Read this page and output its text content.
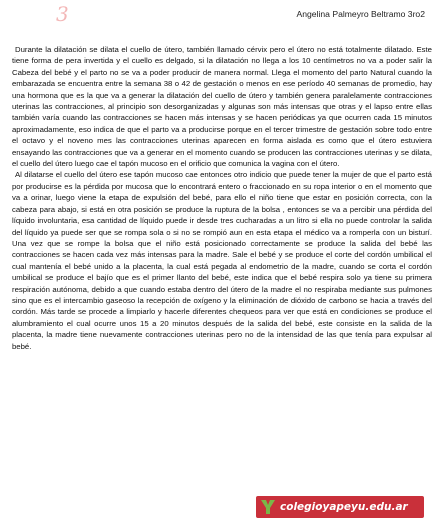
3	Angelina Palmeyro Beltramo 3ro2

Durante la dilatación se dilata el cuello de útero, también llamado cérvix pero el útero no está totalmente dilatado. Este tiene forma de pera invertida y el cuello es delgado, si la dilatación no llega a los 10 centímetros no va a poder salir la Cabeza del bebé y el parto no se va a poder producir de manera normal. Llega el momento del parto Natural cuando la embarazada se encuentra entre la semana 38 o 42 de gestación o menos en ese período 40 semanas de promedio, hay una hormona que es la que va a generar la dilatación del cuello de útero y también genera paralelamente contracciones uterinas las contracciones, al principio son desorganizadas y algunas son más intensas que otras y el lapso entre ellas también varía cuando las contracciones se hacen más intensas y se hacen periódicas ya que ocurren cada 15 minutos aproximadamente, eso indica de que el parto va a producirse porque en el tercer trimestre de gestación sobre todo entre el octavo y el noveno mes las contracciones uterinas aparecen en forma aislada es como que el útero estuviera ensayando las contracciones que va a generar en el momento cuando se producen las contracciones uterinas y se dilata, el cuello del útero luego cae el tapón mucoso en el orificio que comunica la vagina con el útero.

Al dilatarse el cuello del útero ese tapón mucoso cae entonces otro indicio que puede tener la mujer de que el parto está por producirse es la pérdida por mucosa que lo encontrará entero o fraccionado en su ropa interior o en el momento que va a orinar, luego viene la etapa de expulsión del bebé, para ello el niño tiene que estar en posición correcta, con la cabeza para abajo, si está en otra posición se produce la ruptura de la bolsa , entonces se va a percibir una pérdida del líquido involuntaria, esa cantidad de líquido puede ir desde tres cucharadas a un litro si ella no puede controlar la salida del líquido ya puede ser que se rompa sola o si no se rompió aun en esta etapa el médico va a romperla con un bisturí. Una vez que se rompe la bolsa que el niño está posicionado correctamente se produce la salida del bebé las contracciones se hacen cada vez más intensas para la madre. Sale el bebé y se produce el corte del cordón umbilical el cual mantenía el bebé unido a la placenta, la cual está pegada al endometrio de la madre, cuando se corta el cordón umbilical se produce el bajío que es el primer llanto del bebé, este indica que el bebé respira solo ya tiene su primera respiración autónoma, debido a que cuando estaba dentro del útero de la madre el no respiraba mediante sus pulmones sino que es el intercambio gaseoso la recepción de oxígeno y la eliminación de dióxido de carbono se hacia a través del cordón. Más tarde se procede a limpiarlo y hacerle diferentes chequeos para ver que está en condiciones se produce el alumbramiento el cual ocurre unos 15 a 20 minutos después de la salida del bebé, este consiste en la salida de la placenta, la madre tiene nuevamente contracciones uterinas pero no de la intensidad de las que tenía para expulsar al bebé.

colegioyapeyu.edu.ar
